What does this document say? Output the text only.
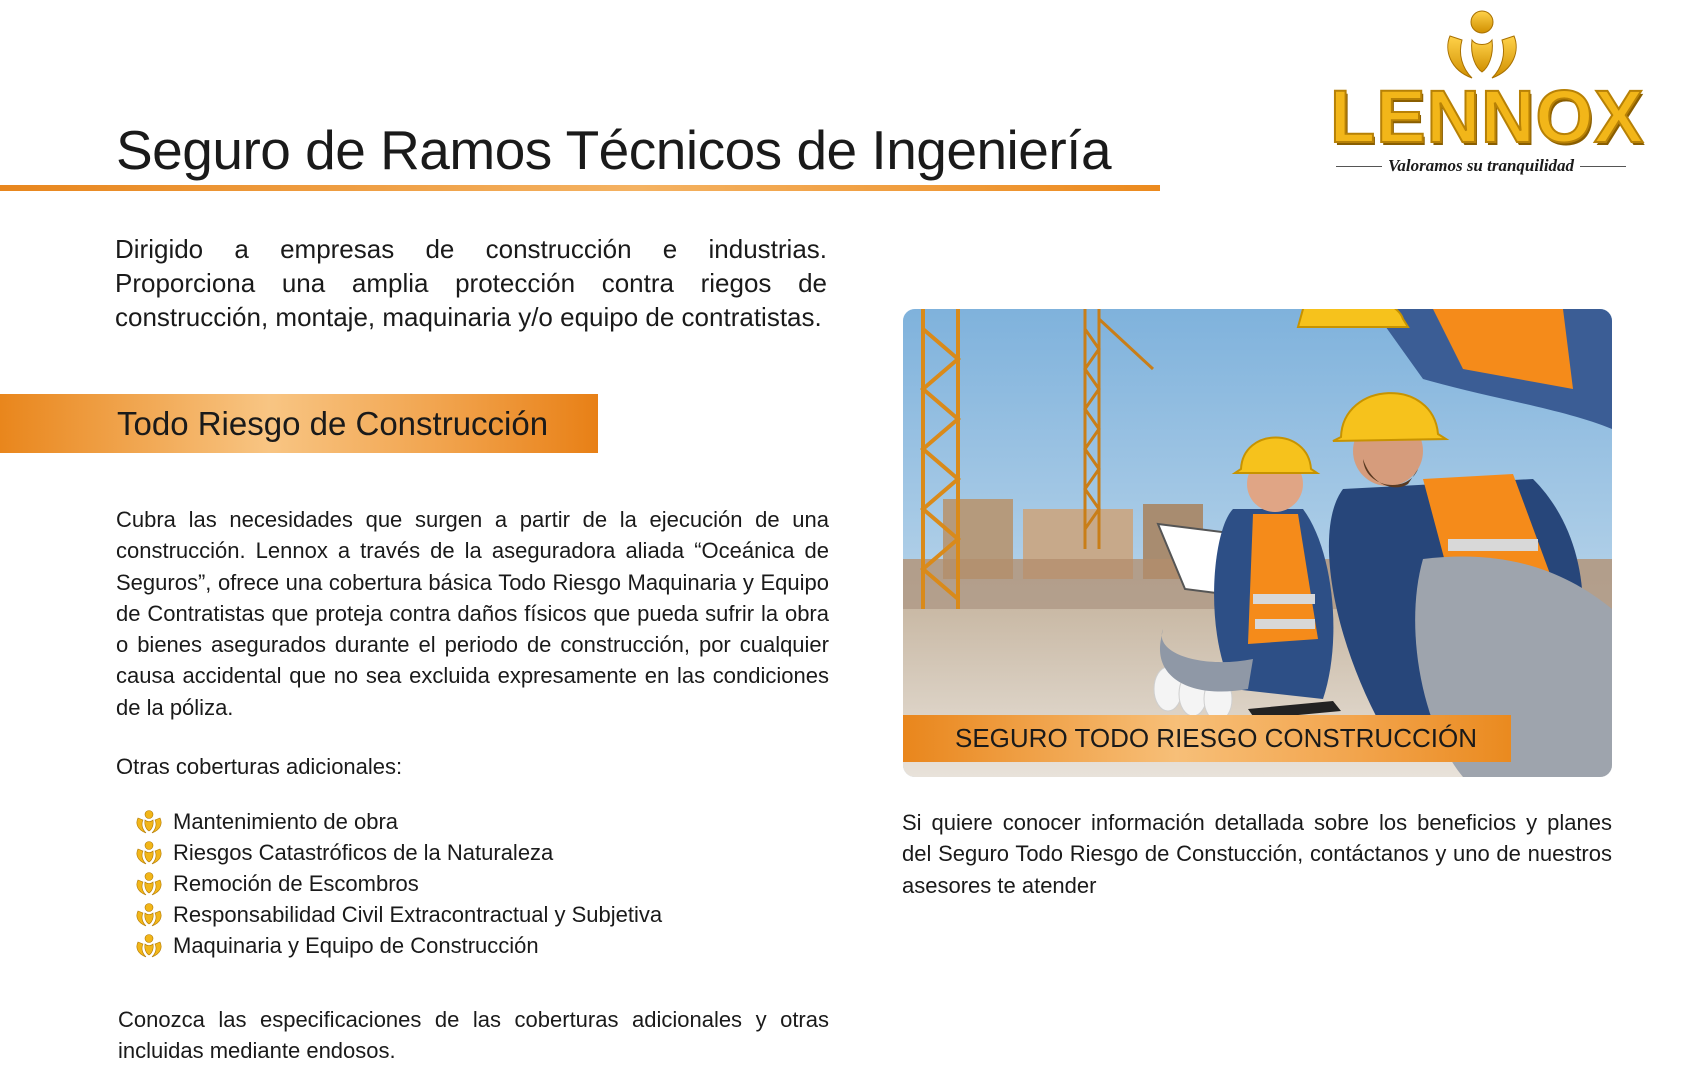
Seguro de Ramos Técnicos de Ingeniería	LENNOX
Valoramos su tranquilidad

Dirigido a empresas de construcción e industrias. Proporciona una amplia protección contra riegos de construcción, montaje, maquinaria y/o equipo de contratistas.

Todo Riesgo de Construcción

Cubra las necesidades que surgen a partir de la ejecución de una construcción. Lennox a través de la aseguradora aliada “Oceánica de Seguros”, ofrece una cobertura básica Todo Riesgo Maquinaria y Equipo de Contratistas que proteja contra daños físicos que pueda sufrir la obra o bienes asegurados durante el periodo de construcción, por cualquier causa accidental que no sea excluida expresamente en las condiciones de la póliza.

Otras coberturas adicionales:

Mantenimiento de obra
Riesgos Catastróficos de la Naturaleza
Remoción de Escombros
Responsabilidad Civil Extracontractual y Subjetiva
Maquinaria y Equipo de Construcción

Conozca las especificaciones de las coberturas adicionales y otras incluidas mediante endosos.

SEGURO TODO RIESGO CONSTRUCCIÓN

Si quiere conocer información detallada sobre los beneficios y planes del Seguro Todo Riesgo de Constucción, contáctanos y uno de nuestros asesores te atender
